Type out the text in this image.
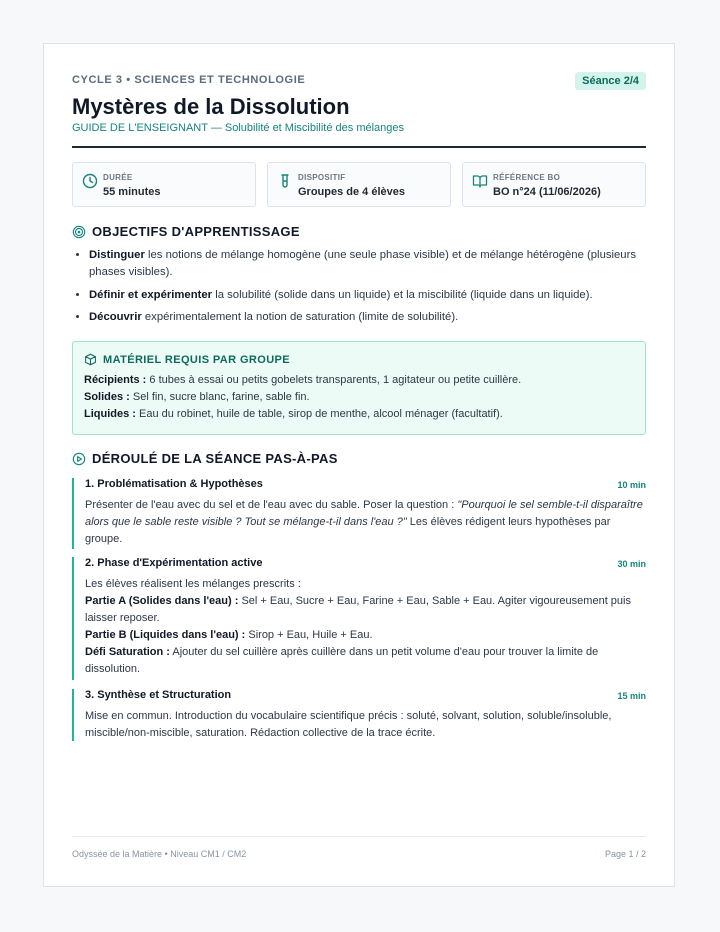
CYCLE 3 • SCIENCES ET TECHNOLOGIE	Séance 2/4
Mystères de la Dissolution
GUIDE DE L'ENSEIGNANT — Solubilité et Miscibilité des mélanges
DURÉE
55 minutes
DISPOSITIF
Groupes de 4 élèves
RÉFÉRENCE BO
BO n°24 (11/06/2026)
OBJECTIFS D'APPRENTISSAGE
• Distinguer les notions de mélange homogène (une seule phase visible) et de mélange hétérogène (plusieurs phases visibles).
• Définir et expérimenter la solubilité (solide dans un liquide) et la miscibilité (liquide dans un liquide).
• Découvrir expérimentalement la notion de saturation (limite de solubilité).
MATÉRIEL REQUIS PAR GROUPE
Récipients : 6 tubes à essai ou petits gobelets transparents, 1 agitateur ou petite cuillère.
Solides : Sel fin, sucre blanc, farine, sable fin.
Liquides : Eau du robinet, huile de table, sirop de menthe, alcool ménager (facultatif).
DÉROULÉ DE LA SÉANCE PAS-À-PAS
1. Problématisation & Hypothèses	10 min
Présenter de l'eau avec du sel et de l'eau avec du sable. Poser la question : "Pourquoi le sel semble-t-il disparaître alors que le sable reste visible ? Tout se mélange-t-il dans l'eau ?" Les élèves rédigent leurs hypothèses par groupe.
2. Phase d'Expérimentation active	30 min
Les élèves réalisent les mélanges prescrits :
Partie A (Solides dans l'eau) : Sel + Eau, Sucre + Eau, Farine + Eau, Sable + Eau. Agiter vigoureusement puis laisser reposer.
Partie B (Liquides dans l'eau) : Sirop + Eau, Huile + Eau.
Défi Saturation : Ajouter du sel cuillère après cuillère dans un petit volume d'eau pour trouver la limite de dissolution.
3. Synthèse et Structuration	15 min
Mise en commun. Introduction du vocabulaire scientifique précis : soluté, solvant, solution, soluble/insoluble, miscible/non-miscible, saturation. Rédaction collective de la trace écrite.
Odyssée de la Matière • Niveau CM1 / CM2	Page 1 / 2
